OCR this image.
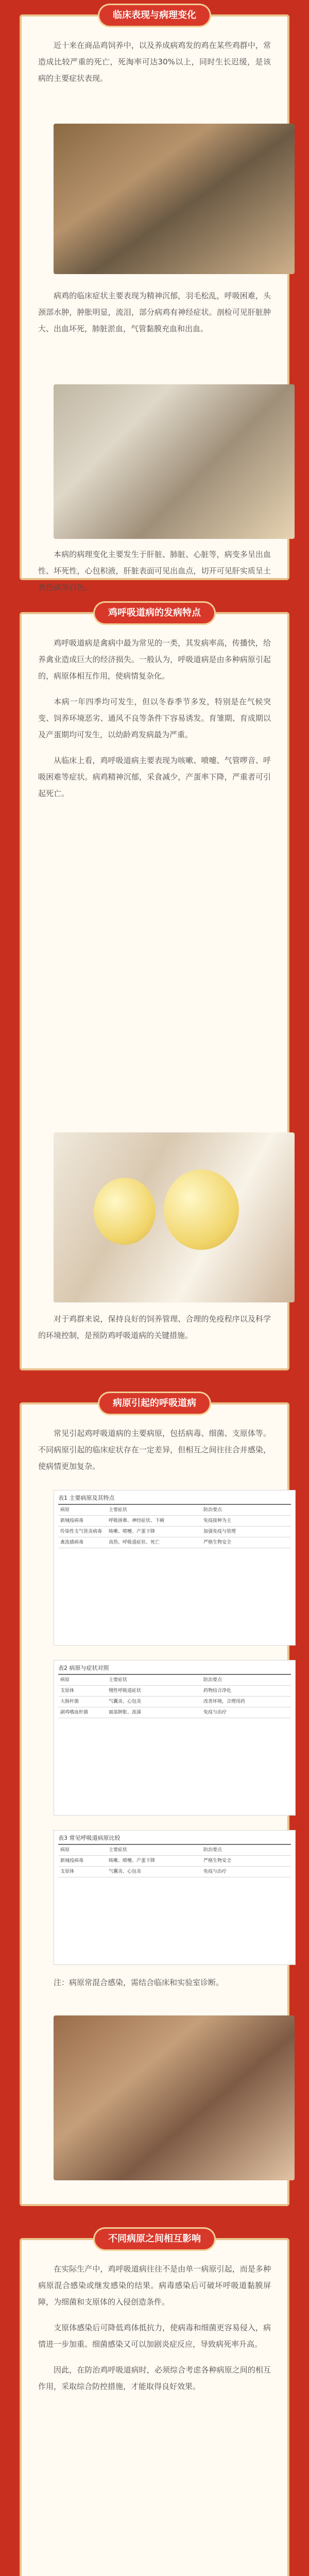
临床表现与病理变化

近十来在商品鸡饲养中，以及养成病鸡发的鸡在某些鸡群中，常造成比较严重的死亡，死淘率可达30%以上，同时生长迟缓，是该病的主要症状表现。

病鸡的临床症状主要表现为精神沉郁，羽毛松乱，呼吸困难，头颈部水肿，肿胀明显，流泪，部分病鸡有神经症状。剖检可见肝脏肿大、出血坏死，肺脏淤血，气管黏膜充血和出血。

本病的病理变化主要发生于肝脏、肺脏、心脏等，病变多呈出血性、坏死性，心包积液，肝脏表面可见出血点，切开可见肝实质呈土黄色或灰白色。

鸡呼吸道病的发病特点

鸡呼吸道病是禽病中最为常见的一类，其发病率高，传播快，给养禽业造成巨大的经济损失。一般认为，呼吸道病是由多种病原引起的，病原体相互作用，使病情复杂化。

本病一年四季均可发生，但以冬春季节多发，特别是在气候突变、饲养环境恶劣、通风不良等条件下容易诱发。育雏期、育成期以及产蛋期均可发生，以幼龄鸡发病最为严重。

从临床上看，鸡呼吸道病主要表现为咳嗽、喷嚏、气管啰音、呼吸困难等症状。病鸡精神沉郁，采食减少，产蛋率下降，严重者可引起死亡。

对于鸡群来说，保持良好的饲养管理、合理的免疫程序以及科学的环境控制，是预防鸡呼吸道病的关键措施。

病原引起的呼吸道病

常见引起鸡呼吸道病的主要病原，包括病毒、细菌、支原体等。不同病原引起的临床症状存在一定差异，但相互之间往往合并感染，使病情更加复杂。

表1 主要病原及其特点
病原	主要症状	防治要点
新城疫病毒	呼吸困难、神经症状、下痢	免疫接种为主
传染性支气管炎病毒	咳嗽、喷嚏、产蛋下降	加强免疫与管理
禽流感病毒	高热、呼吸道症状、死亡	严格生物安全
表2 病原与症状对照
病原	主要症状	防治要点
支原体	慢性呼吸道症状	药物结合净化
大肠杆菌	气囊炎、心包炎	改善环境，合理用药
副鸡嗜血杆菌	面部肿胀、流涕	免疫与治疗
表3 常见呼吸道病原比较
病原	主要症状	防治要点
新城疫病毒	咳嗽、喷嚏、产蛋下降	严格生物安全
支原体	气囊炎、心包炎	免疫与治疗

注：病原常混合感染，需结合临床和实验室诊断。

不同病原之间相互影响

在实际生产中，鸡呼吸道病往往不是由单一病原引起，而是多种病原混合感染或继发感染的结果。病毒感染后可破坏呼吸道黏膜屏障，为细菌和支原体的入侵创造条件。

支原体感染后可降低鸡体抵抗力，使病毒和细菌更容易侵入，病情进一步加重。细菌感染又可以加剧炎症反应，导致病死率升高。

因此，在防治鸡呼吸道病时，必须综合考虑各种病原之间的相互作用，采取综合防控措施，才能取得良好效果。
